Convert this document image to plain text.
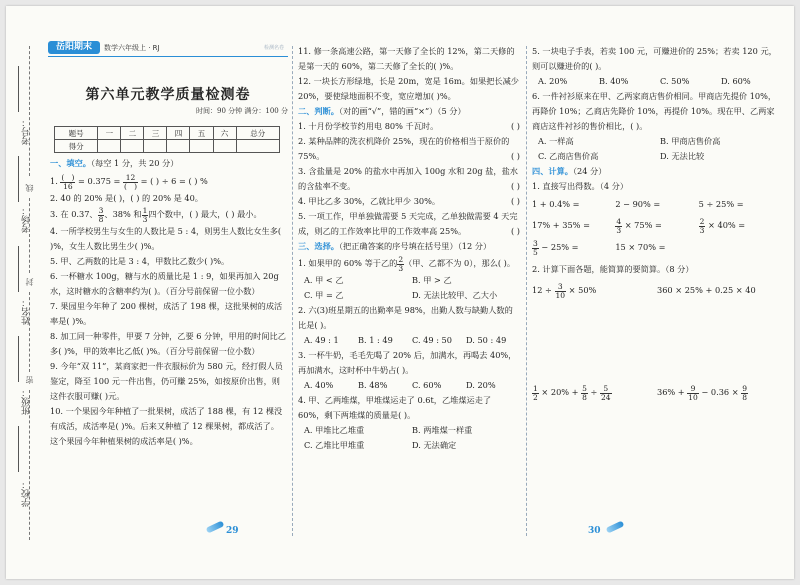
考号：
考场：
姓名：
班级：
学校：
线
封
密
岳阳期末	数学六年级上 · RJ	检测名卷
第六单元教学质量检测卷
时间：90 分钟 满分：100 分
题号	一	二	三	四	五	六	总分
得分							

一、填空。（每空 1 分，共 20 分）

1. $\frac{( )}{16} = 0.375 = \frac{12}{( )}$ = ( ) ÷ 6 = ( ) %

2. 40 的 20% 是( )，( ) 的 20% 是 40。

3. 在 0.37、 $\frac{3}{8}$ 、38% 和 $\frac{1}{3}$ 四个数中，( ) 最大，( ) 最小。

4. 一所学校男生与女生的人数比是 5 : 4，则男生人数比女生多( )%，女生人数比男生少( )%。

5. 甲、乙两数的比是 3 : 4，甲数比乙数少( )%。

6. 一杯糖水 100g，糖与水的质量比是 1 : 9，如果再加入 20g 水，这时糖水的含糖率约为( )。（百分号前保留一位小数）

7. 果园里今年种了 200 棵树，成活了 198 棵，这批果树的成活率是( )%。

8. 加工同一种零件，甲要 7 分钟，乙要 6 分钟，甲用的时间比乙多( )%，甲的效率比乙低( )%。（百分号前保留一位小数）

9. 今年“双 11”，某商家把一件衣服标价为 580 元，经打假人员鉴定，降至 100 元一件出售，仍可赚 25%，如按原价出售，则这件衣服可赚( )元。

10. 一个果园今年种植了一批果树，成活了 188 棵，有 12 棵没有成活，成活率是( )%。后来又种植了 12 棵果树，都成活了。这个果园今年种植果树的成活率是( )%。

11. 修一条高速公路，第一天修了全长的 12%，第二天修的是第一天的 60%，第二天修了全长的( )%。

12. 一块长方形绿地，长是 20m，宽是 16m。如果把长减少 20%，要使绿地面积不变，宽应增加( )%。

二、判断。（对的画“√”，错的画“×”）（5 分）

1. 十月份学校节约用电 80% 千瓦时。	( )

2. 某种品牌的洗衣机降价 25%，现在的价格相当于原价的 75%。	( )

3. 含盐量是 20% 的盐水中再加入 100g 水和 20g 盐，盐水的含盐率不变。	( )

4. 甲比乙多 30%，乙就比甲少 30%。	( )

5. 一项工作，甲单独做需要 5 天完成，乙单独做需要 4 天完成，则乙的工作效率比甲的工作效率高 25%。	( )

三、选择。（把正确答案的序号填在括号里）（12 分）

1. 如果甲的 60% 等于乙的 $\frac{2}{3}$ （甲、乙都不为 0），那么( )。

A. 甲 < 乙	B. 甲 > 乙
C. 甲 = 乙	D. 无法比较甲、乙大小

2. 六(3)班星期五的出勤率是 98%，出勤人数与缺勤人数的比是( )。

A. 49 : 1	B. 1 : 49	C. 49 : 50	D. 50 : 49

3. 一杯牛奶，毛毛先喝了 20% 后，加满水，再喝去 40%，再加满水，这时杯中牛奶占( )。

A. 40%	B. 48%	C. 60%	D. 20%

4. 甲、乙两堆煤，甲堆煤运走了 0.6t，乙堆煤运走了 60%，剩下两堆煤的质量是( )。

A. 甲堆比乙堆重	B. 两堆煤一样重
C. 乙堆比甲堆重	D. 无法确定

5. 一块电子手表，若卖 100 元，可赚进价的 25%；若卖 120 元，则可以赚进价的( )。

A. 20%	B. 40%	C. 50%	D. 60%

6. 一件衬衫原来在甲、乙两家商店售价相同。甲商店先提价 10%，再降价 10%；乙商店先降价 10%，再提价 10%。现在甲、乙两家商店这件衬衫的售价相比，( )。

A. 一样高	B. 甲商店售价高
C. 乙商店售价高	D. 无法比较

四、计算。（24 分）

1. 直接写出得数。（4 分）

1 + 0.4% =	2 − 90% =	5 ÷ 25% =
17% + 35% =	$\frac{4}{3} \times 75\%$ =	$\frac{2}{3} \times 40\%$ =
$\frac{3}{5} - 25\%$ =	15 × 70% =

2. 计算下面各题，能简算的要简算。（8 分）

$12 \div \frac{3}{10} \times 50\%$	360 × 25% + 0.25 × 40
$\frac{1}{2} \times 20\% + \frac{5}{8} \div \frac{5}{24}$	$36\% + \frac{9}{10} - 0.36 \times \frac{9}{8}$
29	30
